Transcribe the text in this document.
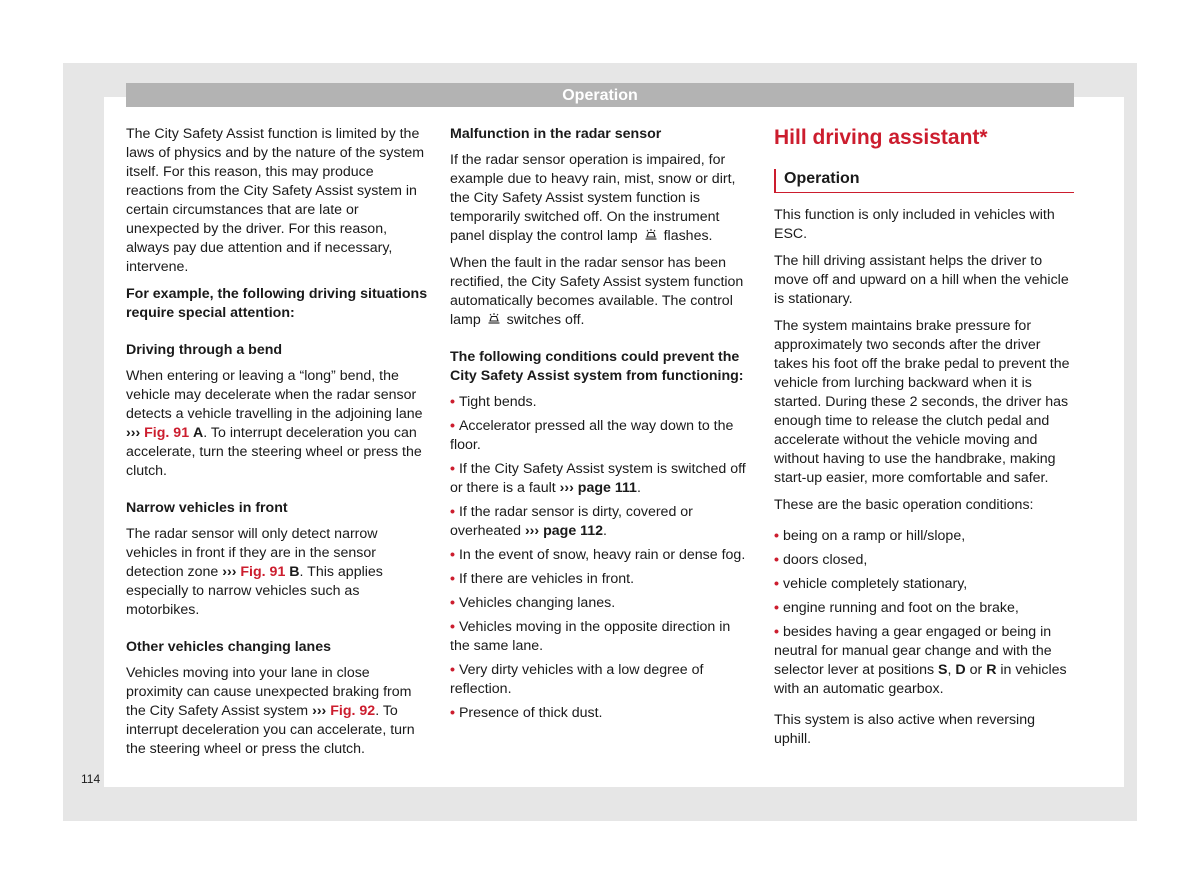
Operation

The City Safety Assist function is limited by the laws of physics and by the nature of the system itself. For this reason, this may produce reactions from the City Safety Assist system in certain circumstances that are late or unexpected by the driver. For this reason, always pay due attention and if necessary, intervene.

For example, the following driving situations require special attention:

Driving through a bend

When entering or leaving a “long” bend, the vehicle may decelerate when the radar sensor detects a vehicle travelling in the adjoining lane ››› Fig. 91 A. To interrupt deceleration you can accelerate, turn the steering wheel or press the clutch.

Narrow vehicles in front

The radar sensor will only detect narrow vehicles in front if they are in the sensor detection zone ››› Fig. 91 B. This applies especially to narrow vehicles such as motorbikes.

Other vehicles changing lanes

Vehicles moving into your lane in close proximity can cause unexpected braking from the City Safety Assist system ››› Fig. 92. To interrupt deceleration you can accelerate, turn the steering wheel or press the clutch.

Malfunction in the radar sensor

If the radar sensor operation is impaired, for example due to heavy rain, mist, snow or dirt, the City Safety Assist system function is temporarily switched off. On the instrument panel display the control lamp flashes.

When the fault in the radar sensor has been rectified, the City Safety Assist system function automatically becomes available. The control lamp switches off.

The following conditions could prevent the City Safety Assist system from functioning:

• Tight bends.
• Accelerator pressed all the way down to the floor.
• If the City Safety Assist system is switched off or there is a fault ››› page 111.
• If the radar sensor is dirty, covered or overheated ››› page 112.
• In the event of snow, heavy rain or dense fog.
• If there are vehicles in front.
• Vehicles changing lanes.
• Vehicles moving in the opposite direction in the same lane.
• Very dirty vehicles with a low degree of reflection.
• Presence of thick dust.
Hill driving assistant*
Operation

This function is only included in vehicles with ESC.

The hill driving assistant helps the driver to move off and upward on a hill when the vehicle is stationary.

The system maintains brake pressure for approximately two seconds after the driver takes his foot off the brake pedal to prevent the vehicle from lurching backward when it is started. During these 2 seconds, the driver has enough time to release the clutch pedal and accelerate without the vehicle moving and without having to use the handbrake, making start-up easier, more comfortable and safer.

These are the basic operation conditions:

• being on a ramp or hill/slope,
• doors closed,
• vehicle completely stationary,
• engine running and foot on the brake,
• besides having a gear engaged or being in neutral for manual gear change and with the selector lever at positions S, D or R in vehicles with an automatic gearbox.

This system is also active when reversing uphill.

114
